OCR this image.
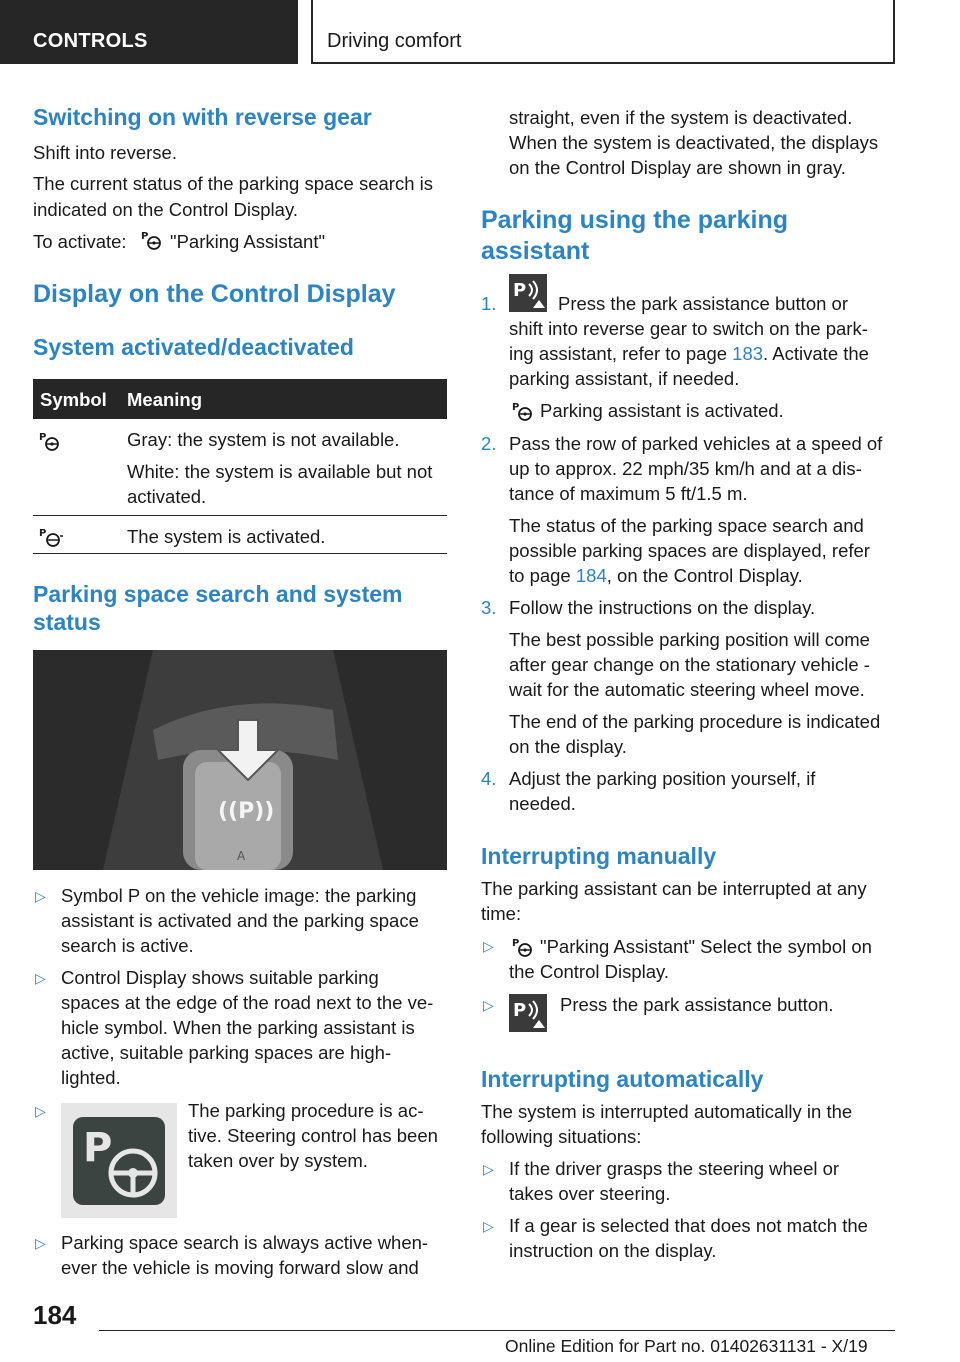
CONTROLS	Driving comfort
Switching on with reverse gear
Shift into reverse.
The current status of the parking space search is
indicated on the Control Display.
To activate: P "Parking Assistant"
Display on the Control Display
System activated/deactivated
Symbol Meaning
P	Gray: the system is not available.
White: the system is available but not
activated.
P	The system is activated.
Parking space search and system
status
((P))
A
▷ Symbol P on the vehicle image: the parking
assistant is activated and the parking space
search is active.
▷ Control Display shows suitable parking
spaces at the edge of the road next to the ve‐
hicle symbol. When the parking assistant is
active, suitable parking spaces are high‐
lighted.
▷
P
The parking procedure is ac‐
tive. Steering control has been
taken over by system.
▷ Parking space search is always active when‐
ever the vehicle is moving forward slow and
straight, even if the system is deactivated.
When the system is deactivated, the displays
on the Control Display are shown in gray.
Parking using the parking
assistant
1.
P
Press the park assistance button or
shift into reverse gear to switch on the park‐
ing assistant, refer to page 183. Activate the
parking assistant, if needed.
P Parking assistant is activated.
2. Pass the row of parked vehicles at a speed of
up to approx. 22 mph/35 km/h and at a dis‐
tance of maximum 5 ft/1.5 m.
The status of the parking space search and
possible parking spaces are displayed, refer
to page 184, on the Control Display.
3. Follow the instructions on the display.
The best possible parking position will come
after gear change on the stationary vehicle -
wait for the automatic steering wheel move.
The end of the parking procedure is indicated
on the display.
4. Adjust the parking position yourself, if
needed.
Interrupting manually
The parking assistant can be interrupted at any
time:
▷ P "Parking Assistant" Select the symbol on
the Control Display.
▷ P Press the park assistance button.
Interrupting automatically
The system is interrupted automatically in the
following situations:
▷ If the driver grasps the steering wheel or
takes over steering.
▷ If a gear is selected that does not match the
instruction on the display.
184
Online Edition for Part no. 01402631131 - X/19
